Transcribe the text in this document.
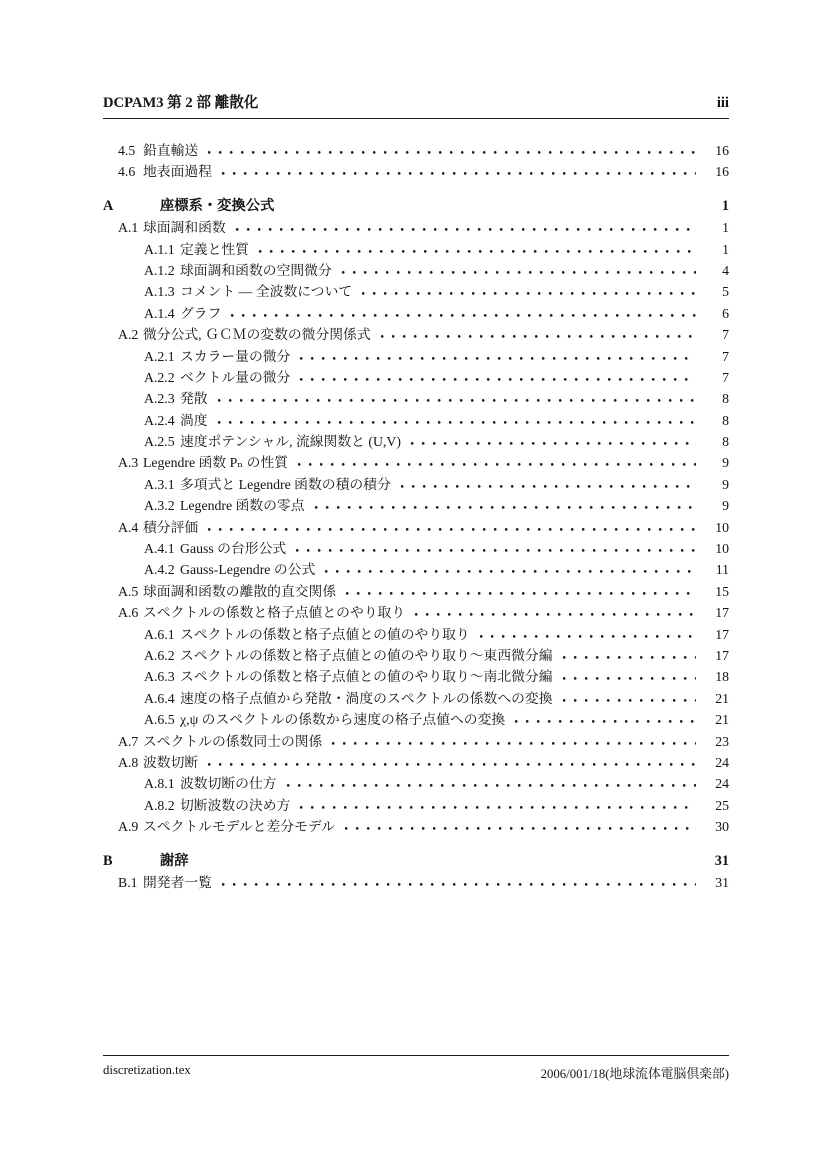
DCPAM3 第 2 部 離散化	iii
4.5 鉛直輸送	16
4.6 地表面過程	16
A	座標系・変換公式	1
A.1 球面調和函数	1
A.1.1 定義と性質	1
A.1.2 球面調和函数の空間微分	4
A.1.3 コメント — 全波数について	5
A.1.4 グラフ	6
A.2 微分公式, ＧＣＭの変数の微分関係式	7
A.2.1 スカラー量の微分	7
A.2.2 ベクトル量の微分	7
A.2.3 発散	8
A.2.4 渦度	8
A.2.5 速度ポテンシャル, 流線関数と (U,V)	8
A.3 Legendre 函数 Pₙ の性質	9
A.3.1 多項式と Legendre 函数の積の積分	9
A.3.2 Legendre 函数の零点	9
A.4 積分評価	10
A.4.1 Gauss の台形公式	10
A.4.2 Gauss-Legendre の公式	11
A.5 球面調和函数の離散的直交関係	15
A.6 スペクトルの係数と格子点値とのやり取り	17
A.6.1 スペクトルの係数と格子点値との値のやり取り	17
A.6.2 スペクトルの係数と格子点値との値のやり取り～東西微分編	17
A.6.3 スペクトルの係数と格子点値との値のやり取り～南北微分編	18
A.6.4 速度の格子点値から発散・渦度のスペクトルの係数への変換	21
A.6.5 χ,ψ のスペクトルの係数から速度の格子点値への変換	21
A.7 スペクトルの係数同士の関係	23
A.8 波数切断	24
A.8.1 波数切断の仕方	24
A.8.2 切断波数の決め方	25
A.9 スペクトルモデルと差分モデル	30
B	謝辞	31
B.1 開発者一覧	31
discretization.tex	2006/001/18(地球流体電脳倶楽部)
